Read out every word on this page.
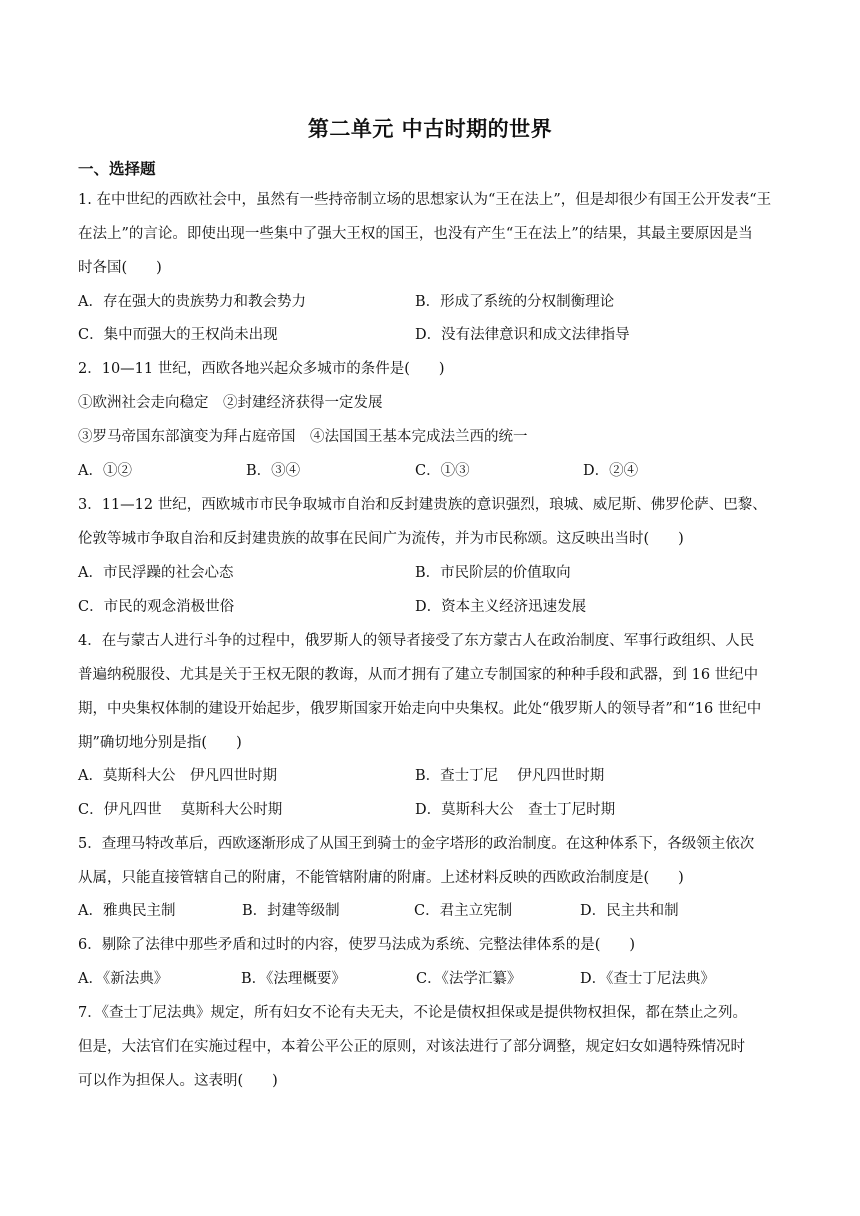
第二单元 中古时期的世界
一、选择题
1. 在中世纪的西欧社会中，虽然有一些持帝制立场的思想家认为“王在法上”，但是却很少有国王公开发表“王
在法上”的言论。即使出现一些集中了强大王权的国王，也没有产生“王在法上”的结果，其最主要原因是当
时各国(　　)
A．存在强大的贵族势力和教会势力	B．形成了系统的分权制衡理论
C．集中而强大的王权尚未出现	D．没有法律意识和成文法律指导
2．10—11 世纪，西欧各地兴起众多城市的条件是(　　)
①欧洲社会走向稳定　②封建经济获得一定发展
③罗马帝国东部演变为拜占庭帝国　④法国国王基本完成法兰西的统一
A．①②	B．③④	C．①③	D．②④
3．11—12 世纪，西欧城市市民争取城市自治和反封建贵族的意识强烈，琅城、威尼斯、佛罗伦萨、巴黎、
伦敦等城市争取自治和反封建贵族的故事在民间广为流传，并为市民称颂。这反映出当时(　　)
A．市民浮躁的社会心态	B．市民阶层的价值取向
C．市民的观念消极世俗	D．资本主义经济迅速发展
4．在与蒙古人进行斗争的过程中，俄罗斯人的领导者接受了东方蒙古人在政治制度、军事行政组织、人民
普遍纳税服役、尤其是关于王权无限的教诲，从而才拥有了建立专制国家的种种手段和武器，到 16 世纪中
期，中央集权体制的建设开始起步，俄罗斯国家开始走向中央集权。此处“俄罗斯人的领导者”和“16 世纪中
期”确切地分别是指(　　)
A．莫斯科大公　伊凡四世时期	B．查士丁尼　 伊凡四世时期
C．伊凡四世　 莫斯科大公时期	D．莫斯科大公　查士丁尼时期
5．查理马特改革后，西欧逐渐形成了从国王到骑士的金字塔形的政治制度。在这种体系下，各级领主依次
从属，只能直接管辖自己的附庸，不能管辖附庸的附庸。上述材料反映的西欧政治制度是(　　)
A．雅典民主制	B．封建等级制	C．君主立宪制	D．民主共和制
6．剔除了法律中那些矛盾和过时的内容，使罗马法成为系统、完整法律体系的是(　　)
A．《新法典》	B．《法理概要》	C．《法学汇纂》	D．《查士丁尼法典》
7．《查士丁尼法典》规定，所有妇女不论有夫无夫，不论是债权担保或是提供物权担保，都在禁止之列。
但是，大法官们在实施过程中，本着公平公正的原则，对该法进行了部分调整，规定妇女如遇特殊情况时
可以作为担保人。这表明(　　)
